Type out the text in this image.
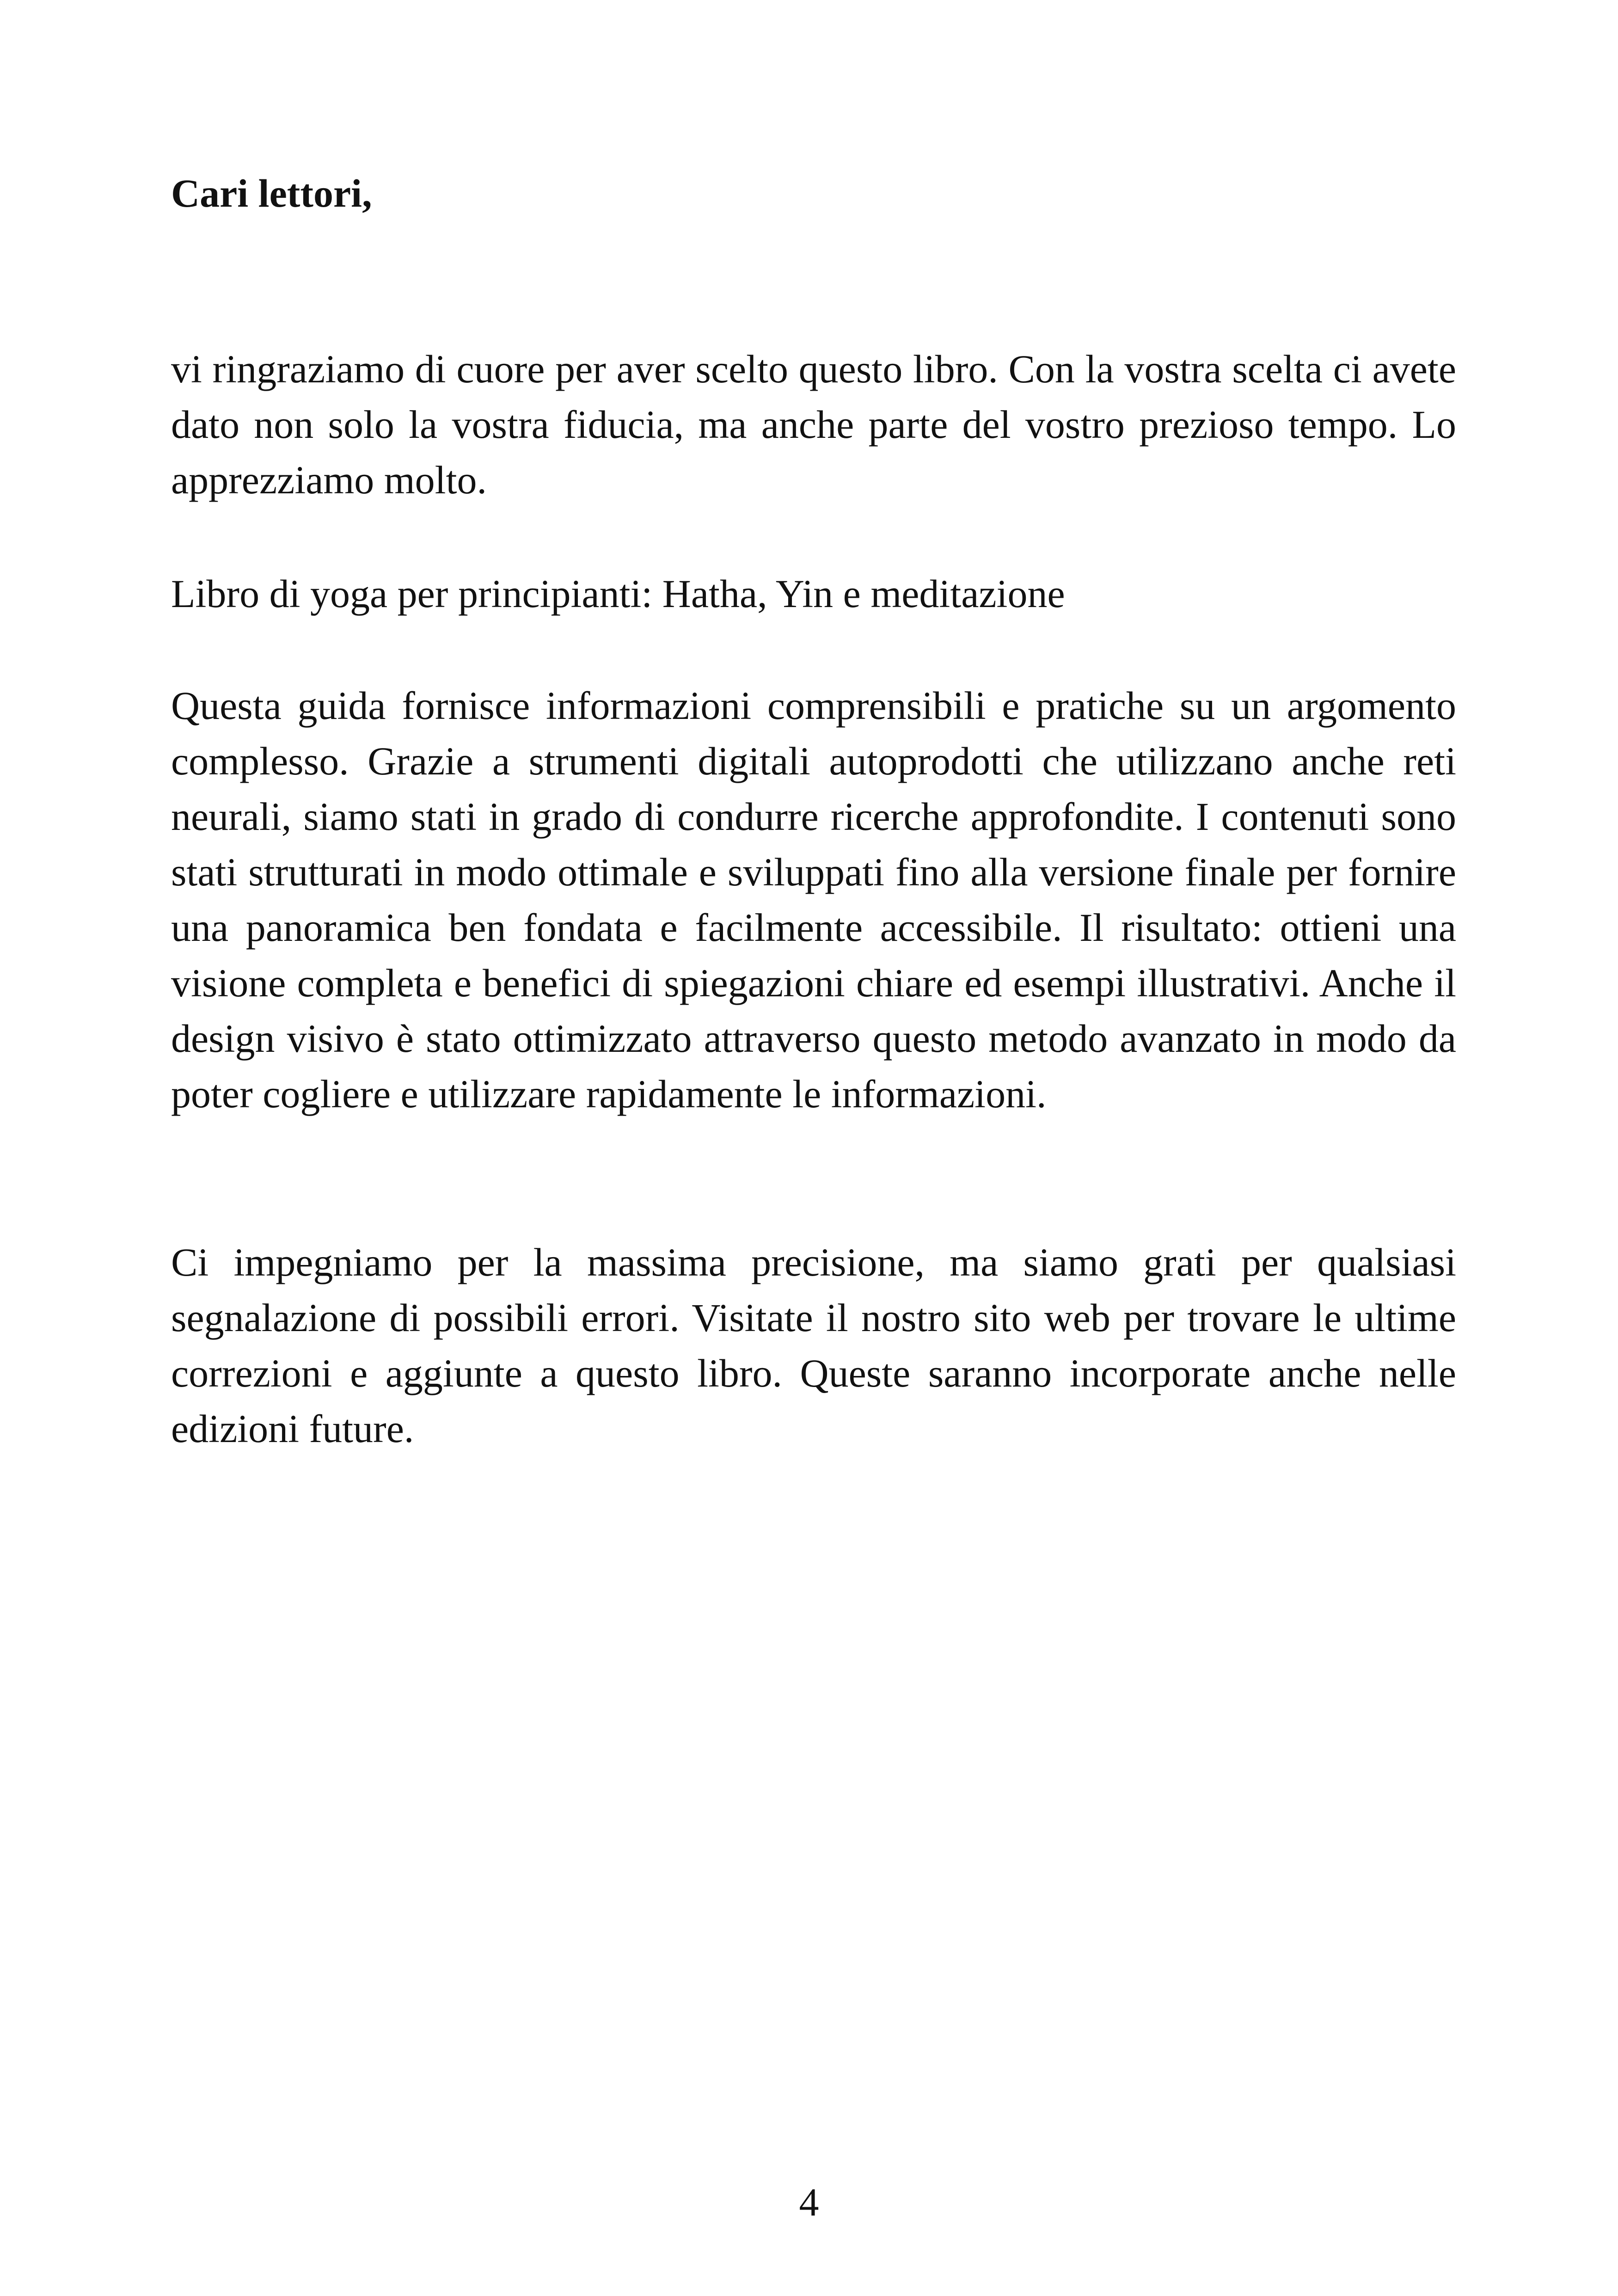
Cari lettori,

vi ringraziamo di cuore per aver scelto questo libro. Con la vostra scelta ci avete dato non solo la vostra fiducia, ma anche parte del vostro prezioso tempo. Lo apprezziamo molto.

Libro di yoga per principianti: Hatha, Yin e meditazione

Questa guida fornisce informazioni comprensibili e pratiche su un argomento complesso. Grazie a strumenti digitali autoprodotti che utilizzano anche reti neurali, siamo stati in grado di condurre ricerche approfondite. I contenuti sono stati strutturati in modo ottimale e sviluppati fino alla versione finale per fornire una panoramica ben fondata e facilmente accessibile. Il risultato: ottieni una visione completa e benefici di spiegazioni chiare ed esempi illustrativi. Anche il design visivo è stato ottimizzato attraverso questo metodo avanzato in modo da poter cogliere e utilizzare rapidamente le informazioni.

Ci impegniamo per la massima precisione, ma siamo grati per qualsiasi segnalazione di possibili errori. Visitate il nostro sito web per trovare le ultime correzioni e aggiunte a questo libro. Queste saranno incorporate anche nelle edizioni future.

4
